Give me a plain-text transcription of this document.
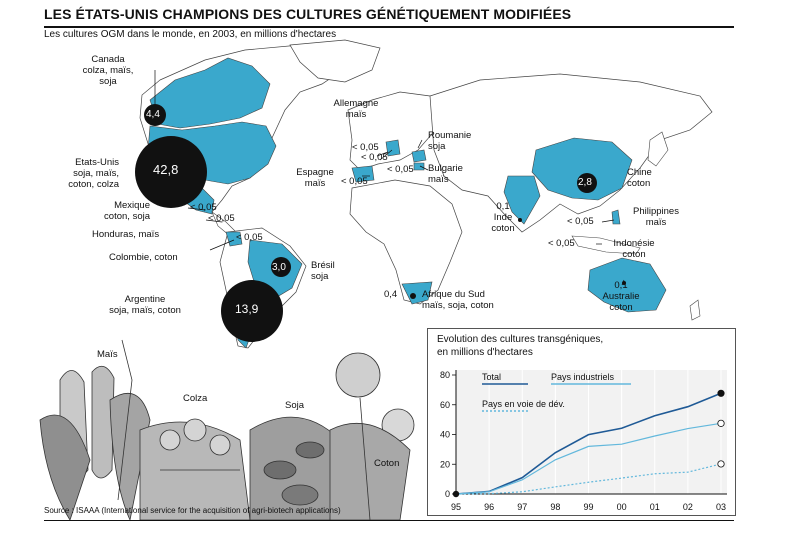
LES ÉTATS-UNIS CHAMPIONS DES CULTURES GÉNÉTIQUEMENT MODIFIÉES
Les cultures OGM dans le monde, en 2003, en millions d'hectares
Canada
colza, maïs,
soja
4,4
Etats-Unis
soja, maïs,
coton, colza
42,8
Mexique
coton, soja
< 0,05
Honduras, maïs
< 0,05
Colombie, coton
< 0,05
3,0	Brésil
soja
Argentine
soja, maïs, coton	13,9
Allemagne
maïs
< 0,05
Espagne
maïs	< 0,05
Roumanie
soja
< 0,05
Bulgarie
maïs
< 0,05
2,8
Chine
coton
0,1
Inde
coton
< 0,05
Philippines
maïs
< 0,05	Indonésie
coton
0,1
Australie
coton
0,4	Afrique du Sud
maïs, soja, coton
Maïs
Colza
Soja
Coton
Source : ISAAA (International service for the acquisition of agri-biotech applications)	95	96	97	98	99	00	01	02	03
0
20
40
60
80	Total	Pays industriels
Pays en voie de dév.
Evolution des cultures transgéniques,
en millions d'hectares
